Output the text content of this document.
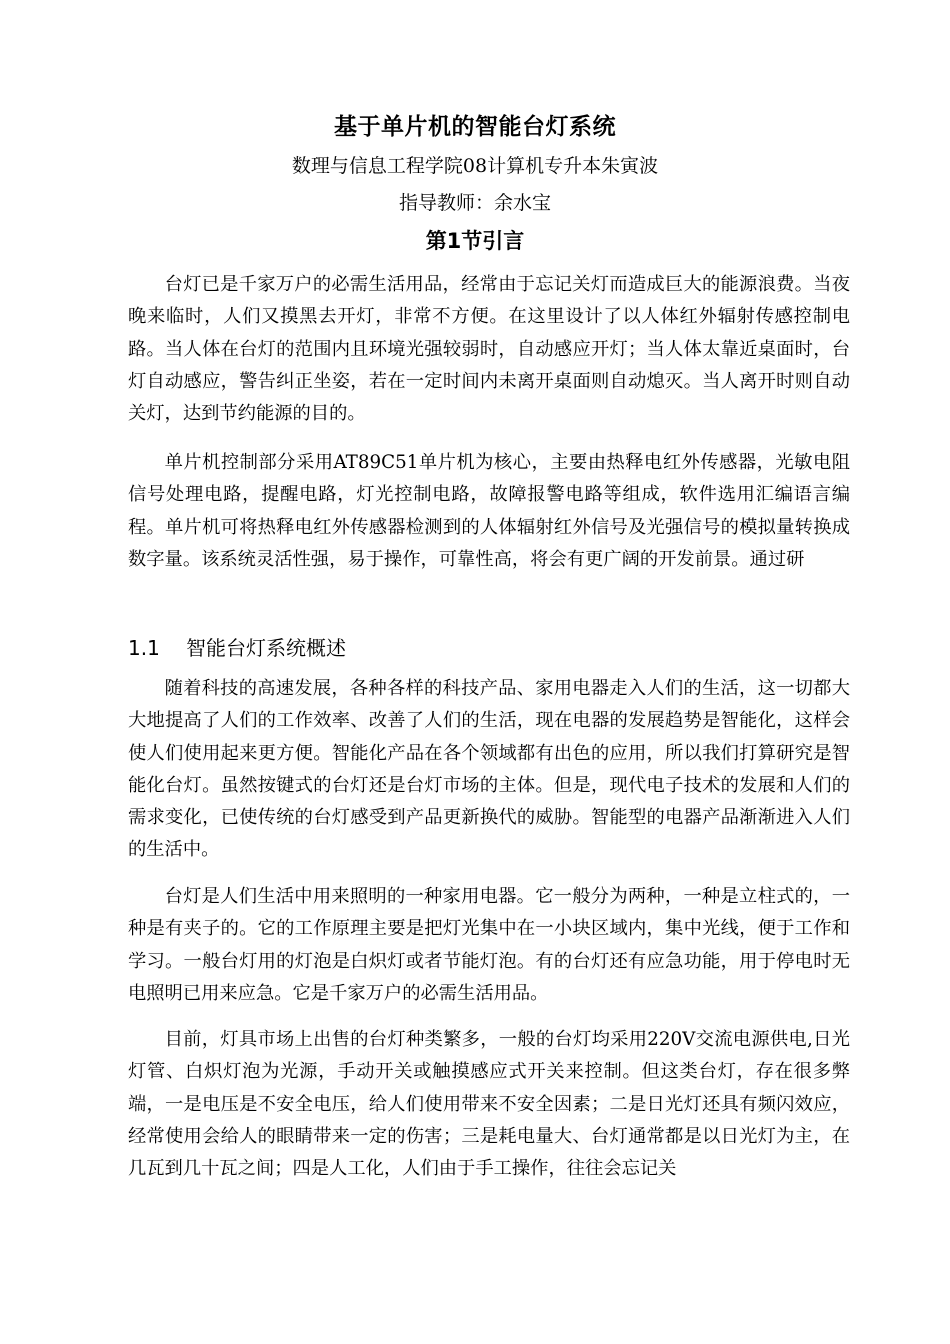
基于单片机的智能台灯系统
数理与信息工程学院08计算机专升本朱寅波
指导教师：余水宝
第1节引言

台灯已是千家万户的必需生活用品，经常由于忘记关灯而造成巨大的能源浪费。当夜晚来临时，人们又摸黑去开灯，非常不方便。在这里设计了以人体红外辐射传感控制电路。当人体在台灯的范围内且环境光强较弱时，自动感应开灯；当人体太靠近桌面时，台灯自动感应，警告纠正坐姿，若在一定时间内未离开桌面则自动熄灭。当人离开时则自动关灯，达到节约能源的目的。

单片机控制部分采用AT89C51单片机为核心，主要由热释电红外传感器，光敏电阻信号处理电路，提醒电路，灯光控制电路，故障报警电路等组成，软件选用汇编语言编程。单片机可将热释电红外传感器检测到的人体辐射红外信号及光强信号的模拟量转换成数字量。该系统灵活性强，易于操作，可靠性高，将会有更广阔的开发前景。通过研

1.1	智能台灯系统概述

随着科技的高速发展，各种各样的科技产品、家用电器走入人们的生活，这一切都大大地提高了人们的工作效率、改善了人们的生活，现在电器的发展趋势是智能化，这样会使人们使用起来更方便。智能化产品在各个领域都有出色的应用，所以我们打算研究是智能化台灯。虽然按键式的台灯还是台灯市场的主体。但是，现代电子技术的发展和人们的需求变化，已使传统的台灯感受到产品更新换代的威胁。智能型的电器产品渐渐进入人们的生活中。

台灯是人们生活中用来照明的一种家用电器。它一般分为两种，一种是立柱式的，一种是有夹子的。它的工作原理主要是把灯光集中在一小块区域内，集中光线，便于工作和学习。一般台灯用的灯泡是白炽灯或者节能灯泡。有的台灯还有应急功能，用于停电时无电照明已用来应急。它是千家万户的必需生活用品。

目前，灯具市场上出售的台灯种类繁多，一般的台灯均采用220V交流电源供电,日光灯管、白炽灯泡为光源，手动开关或触摸感应式开关来控制。但这类台灯，存在很多弊端，一是电压是不安全电压，给人们使用带来不安全因素；二是日光灯还具有频闪效应，经常使用会给人的眼睛带来一定的伤害；三是耗电量大、台灯通常都是以日光灯为主，在几瓦到几十瓦之间；四是人工化，人们由于手工操作，往往会忘记关
